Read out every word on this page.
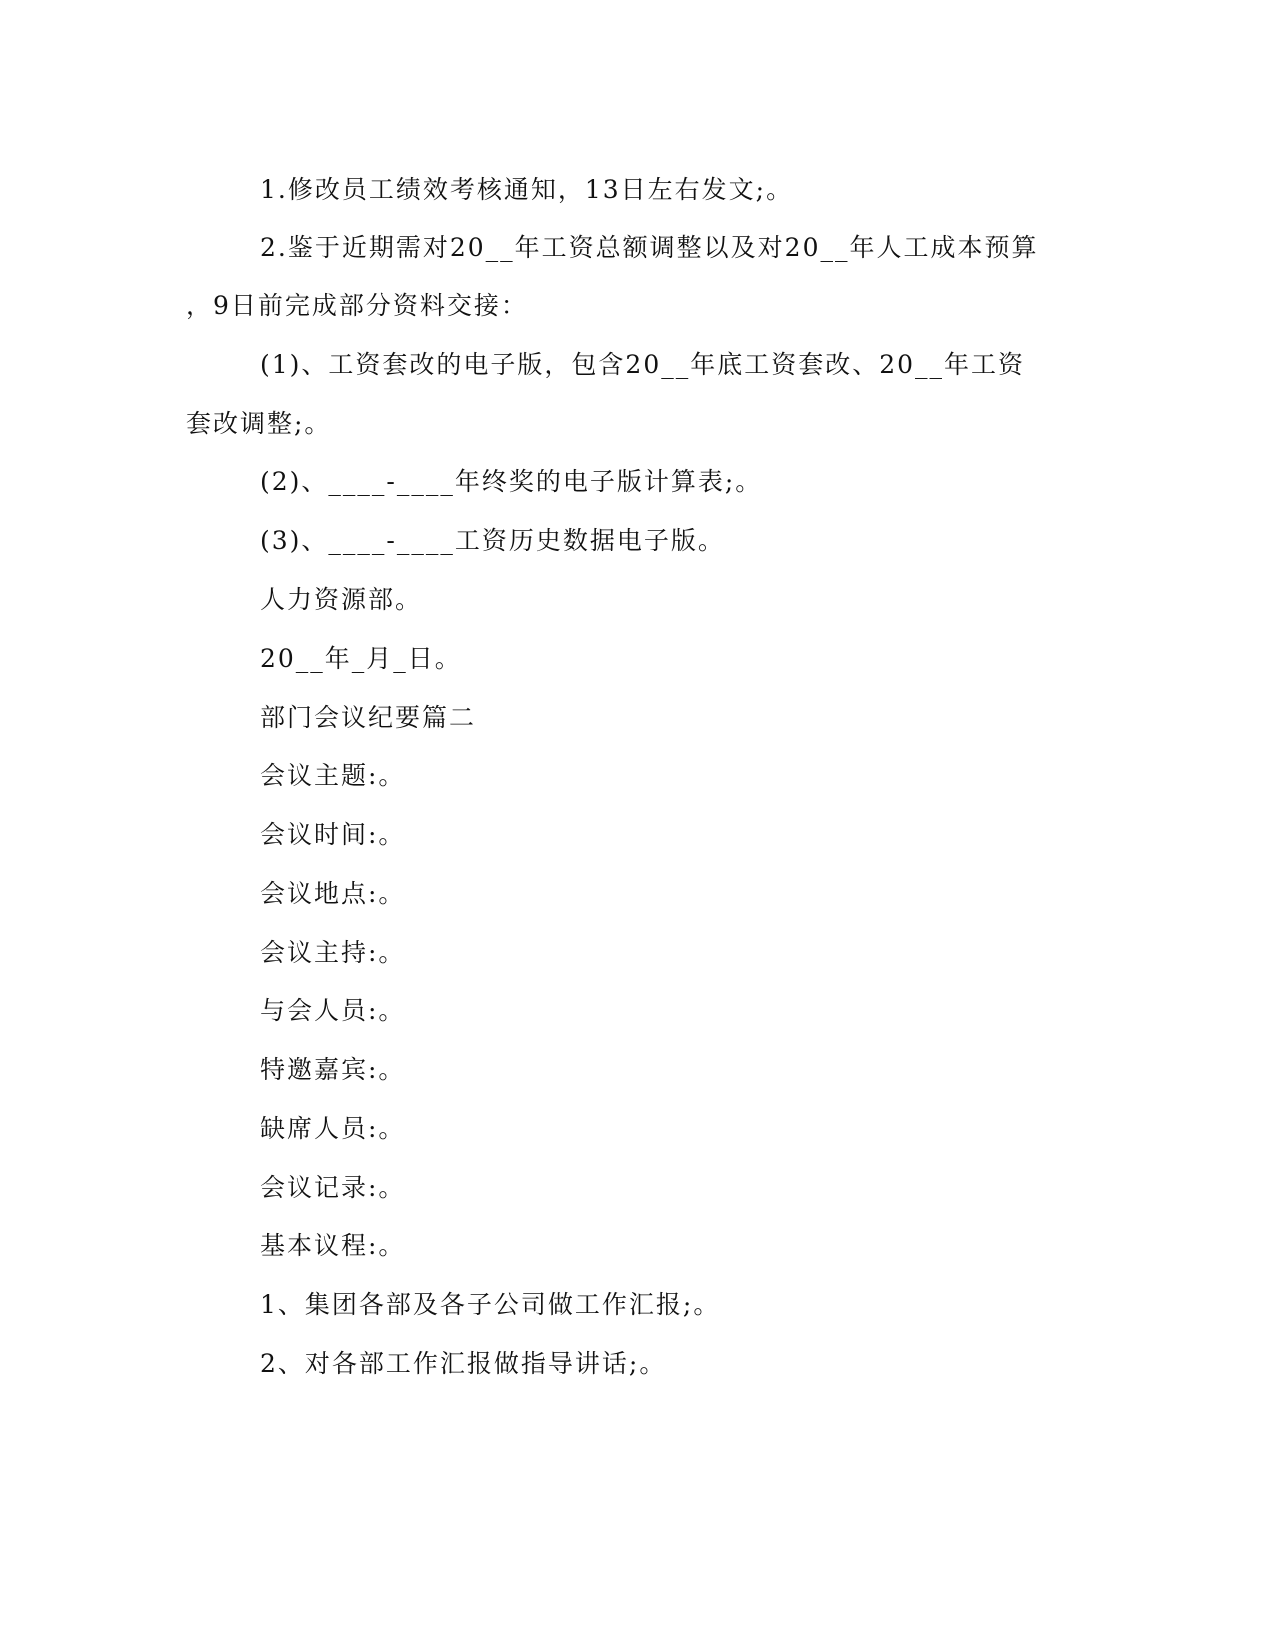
1.修改员工绩效考核通知，13日左右发文;。
2.鉴于近期需对20__年工资总额调整以及对20__年人工成本预算
，9日前完成部分资料交接：
(1)、工资套改的电子版，包含20__年底工资套改、20__年工资
套改调整;。
(2)、____-____年终奖的电子版计算表;。
(3)、____-____工资历史数据电子版。
人力资源部。
20__年_月_日。
部门会议纪要篇二
会议主题:。
会议时间:。
会议地点:。
会议主持:。
与会人员:。
特邀嘉宾:。
缺席人员:。
会议记录:。
基本议程:。
1、集团各部及各子公司做工作汇报;。
2、对各部工作汇报做指导讲话;。
